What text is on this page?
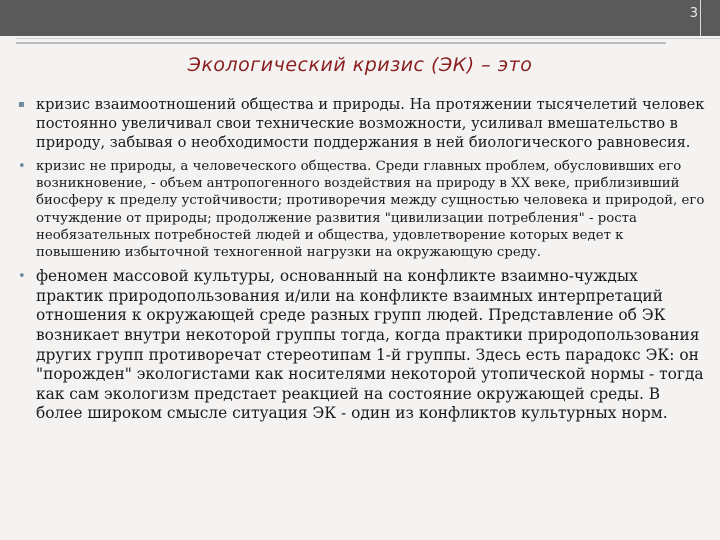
3
Экологический кризис (ЭК) – это
▪ кризис взаимоотношений общества и природы. На протяжении тысячелетий человек постоянно увеличивал свои технические возможности, усиливал вмешательство в природу, забывая о необходимости поддержания в ней биологического равновесия.
• кризис не природы, а человеческого общества. Среди главных проблем, обусловивших его возникновение, - объем антропогенного воздействия на природу в ХХ веке, приблизивший биосферу к пределу устойчивости; противоречия между сущностью человека и природой, его отчуждение от природы; продолжение развития "цивилизации потребления" - роста необязательных потребностей людей и общества, удовлетворение которых ведет к повышению избыточной техногенной нагрузки на окружающую среду.
• феномен массовой культуры, основанный на конфликте взаимно-чуждых практик природопользования и/или на конфликте взаимных интерпретаций отношения к окружающей среде разных групп людей. Представление об ЭК возникает внутри некоторой группы тогда, когда практики природопользования других групп противоречат стереотипам 1-й группы. Здесь есть парадокс ЭК: он "порожден" экологистами как носителями некоторой утопической нормы - тогда как сам экологизм предстает реакцией на состояние окружающей среды. В более широком смысле ситуация ЭК - один из конфликтов культурных норм.
